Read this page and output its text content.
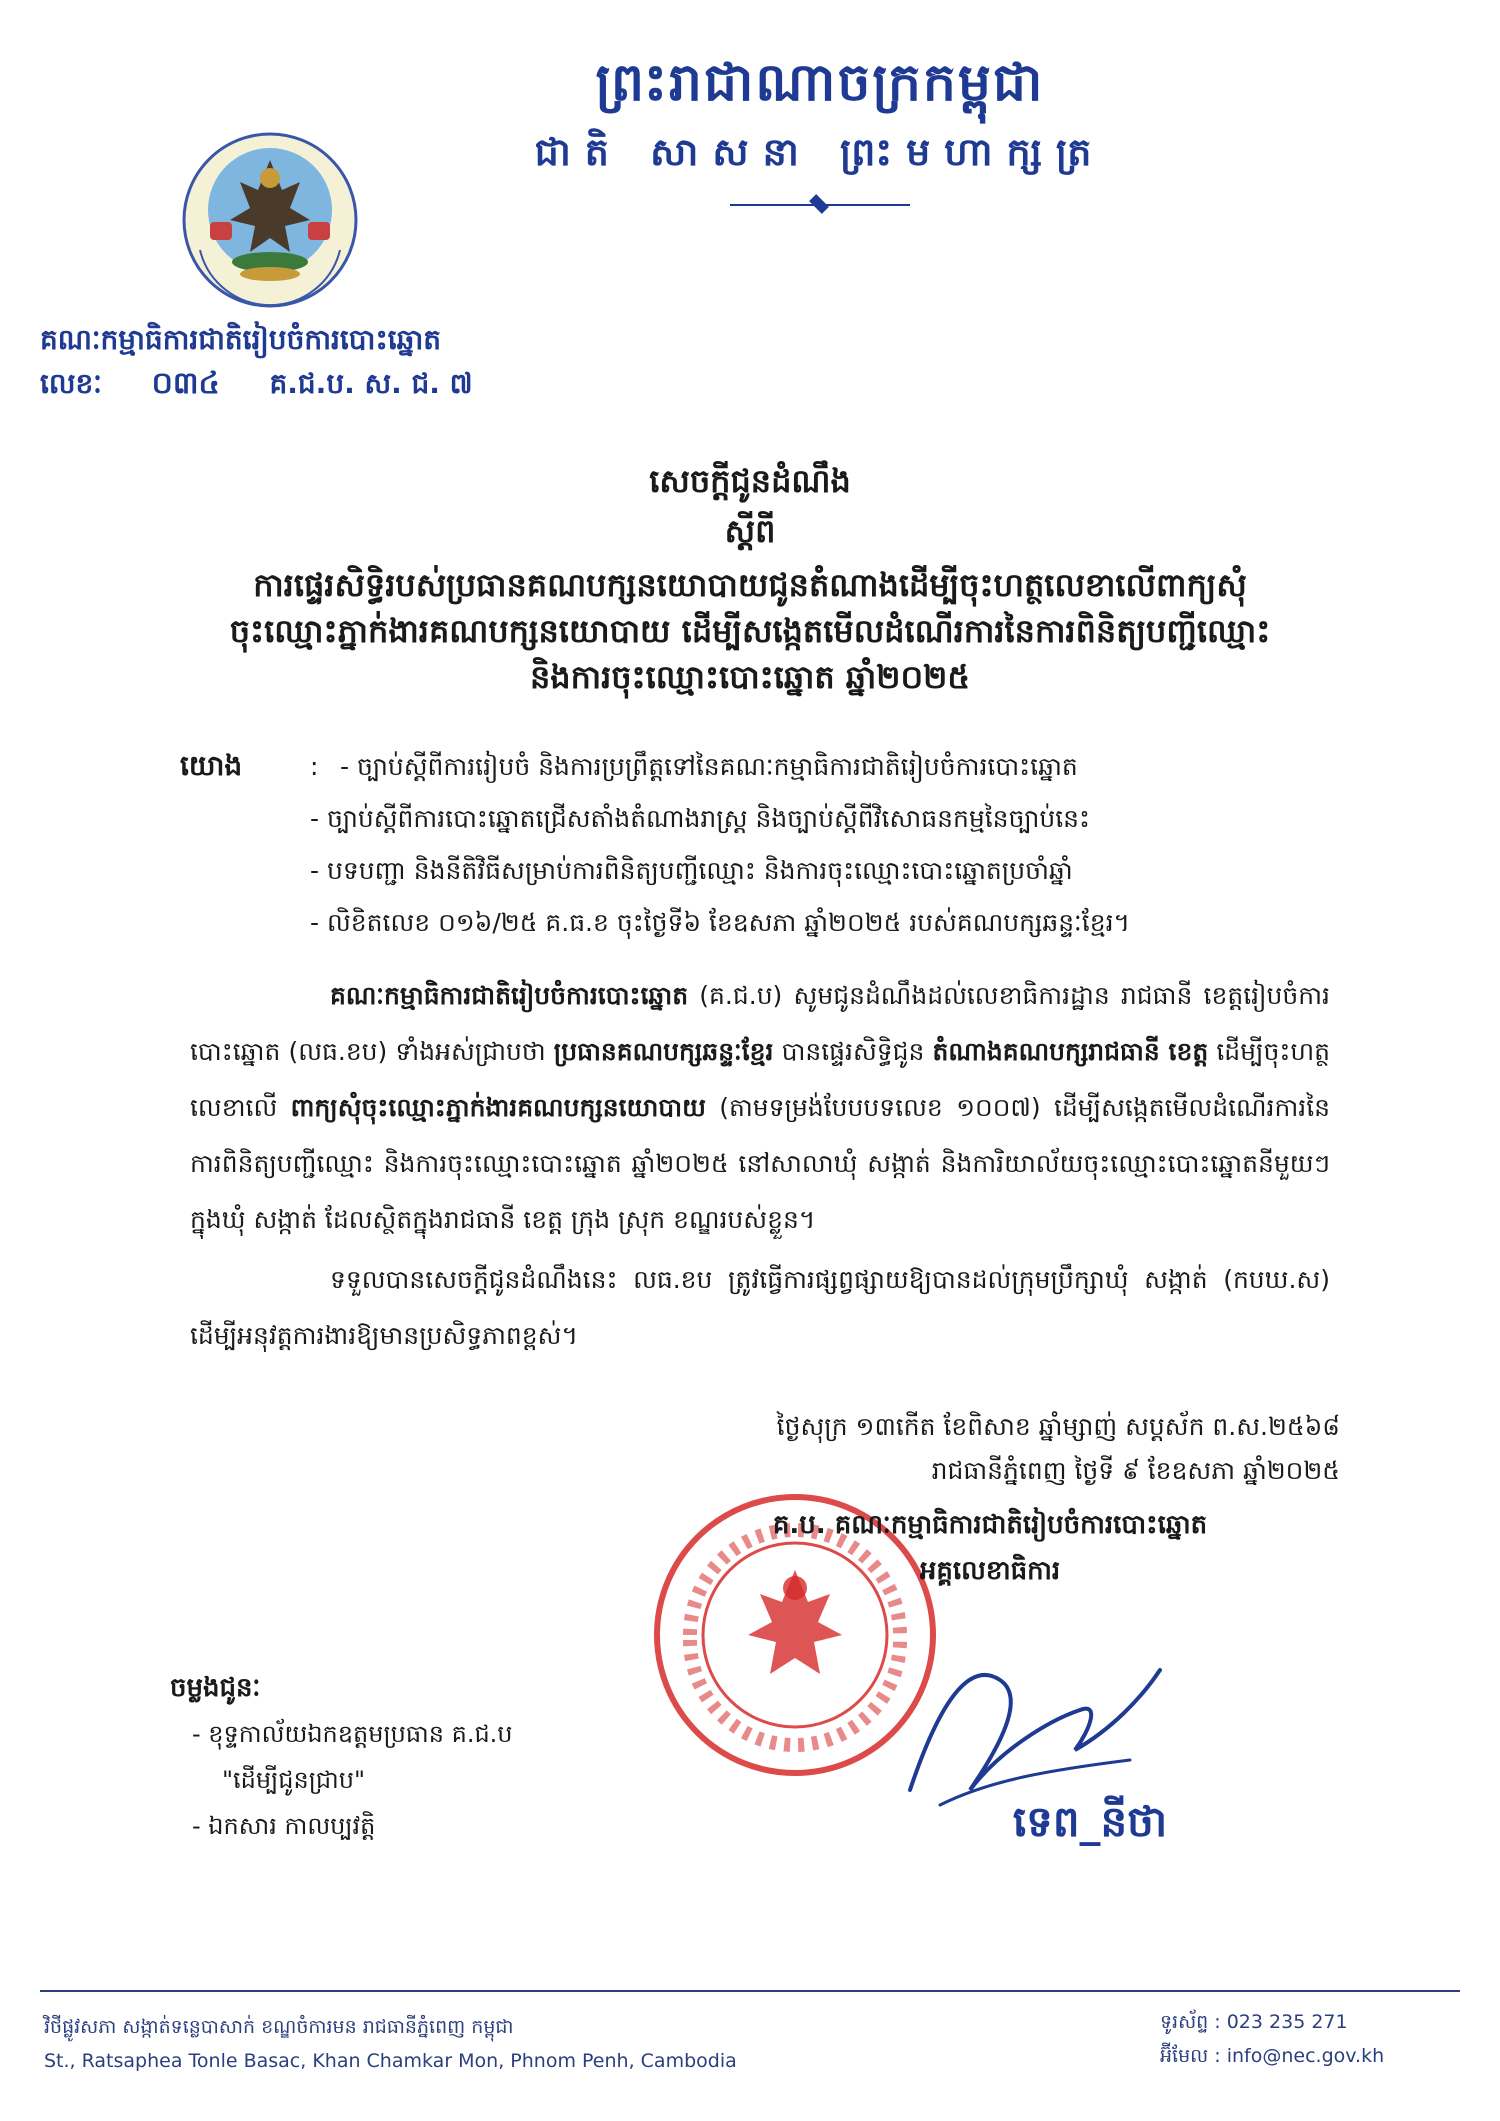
ព្រះរាជាណាចក្រកម្ពុជា
ជាតិ សាសនា ព្រះមហាក្សត្រ
គណៈកម្មាធិការជាតិរៀបចំការបោះឆ្នោត
លេខៈ ០៣៤ គ.ជ.ប. ស. ជ. ៧
សេចក្តីជូនដំណឹង
ស្តីពី
ការផ្ទេរសិទ្ធិរបស់ប្រធានគណបក្សនយោបាយជូនតំណាងដើម្បីចុះហត្ថលេខាលើពាក្យសុំ
ចុះឈ្មោះភ្នាក់ងារគណបក្សនយោបាយ ដើម្បីសង្កេតមើលដំណើរការនៃការពិនិត្យបញ្ជីឈ្មោះ
និងការចុះឈ្មោះបោះឆ្នោត ឆ្នាំ២០២៥
យោង	: - ច្បាប់ស្តីពីការរៀបចំ និងការប្រព្រឹត្តទៅនៃគណៈកម្មាធិការជាតិរៀបចំការបោះឆ្នោត
- ច្បាប់ស្តីពីការបោះឆ្នោតជ្រើសតាំងតំណាងរាស្ត្រ និងច្បាប់ស្តីពីវិសោធនកម្មនៃច្បាប់នេះ
- បទបញ្ជា និងនីតិវិធីសម្រាប់ការពិនិត្យបញ្ជីឈ្មោះ និងការចុះឈ្មោះបោះឆ្នោតប្រចាំឆ្នាំ
- លិខិតលេខ ០១៦/២៥ គ.ធ.ខ ចុះថ្ងៃទី៦ ខែឧសភា ឆ្នាំ២០២៥ របស់គណបក្សឆន្ទៈខ្មែរ។

គណៈកម្មាធិការជាតិរៀបចំការបោះឆ្នោត (គ.ជ.ប) សូមជូនដំណឹងដល់លេខាធិការដ្ឋាន រាជធានី ខេត្តរៀបចំការបោះឆ្នោត (លធ.ខប) ទាំងអស់ជ្រាបថា ប្រធានគណបក្សឆន្ទៈខ្មែរ បានផ្ទេរសិទ្ធិជូន តំណាងគណបក្សរាជធានី ខេត្ត ដើម្បីចុះហត្ថលេខាលើ ពាក្យសុំចុះឈ្មោះភ្នាក់ងារគណបក្សនយោបាយ (តាមទម្រង់បែបបទលេខ ១០០៧) ដើម្បីសង្កេតមើលដំណើរការនៃការពិនិត្យបញ្ជីឈ្មោះ និងការចុះឈ្មោះបោះឆ្នោត ឆ្នាំ២០២៥ នៅសាលាឃុំ សង្កាត់ និងការិយាល័យចុះឈ្មោះបោះឆ្នោតនីមួយៗ ក្នុងឃុំ សង្កាត់ ដែលស្ថិតក្នុងរាជធានី ខេត្ត ក្រុង ស្រុក ខណ្ឌរបស់ខ្លួន។

ទទួលបានសេចក្តីជូនដំណឹងនេះ លធ.ខប ត្រូវធ្វើការផ្សព្វផ្សាយឱ្យបានដល់ក្រុមប្រឹក្សាឃុំ សង្កាត់ (កបឃ.ស) ដើម្បីអនុវត្តការងារឱ្យមានប្រសិទ្ធភាពខ្ពស់។

ថ្ងៃសុក្រ ១៣កើត ខែពិសាខ ឆ្នាំម្សាញ់ សប្តស័ក ព.ស.២៥៦៨
រាជធានីភ្នំពេញ ថ្ងៃទី ៩ ខែឧសភា ឆ្នាំ២០២៥
គ.ប. គណៈកម្មាធិការជាតិរៀបចំការបោះឆ្នោត
អគ្គលេខាធិការ
ទេព_នីថា
ចម្លងជូនៈ
- ខុទ្ទកាល័យឯកឧត្តមប្រធាន គ.ជ.ប
"ដើម្បីជូនជ្រាប"
- ឯកសារ កាលប្បវត្តិ
វិថីផ្លូវសភា សង្កាត់ទន្លេបាសាក់ ខណ្ឌចំការមន រាជធានីភ្នំពេញ កម្ពុជា
St., Ratsaphea Tonle Basac, Khan Chamkar Mon, Phnom Penh, Cambodia
ទូរស័ព្ទ : 023 235 271
អ៊ីមែល : info@nec.gov.kh
